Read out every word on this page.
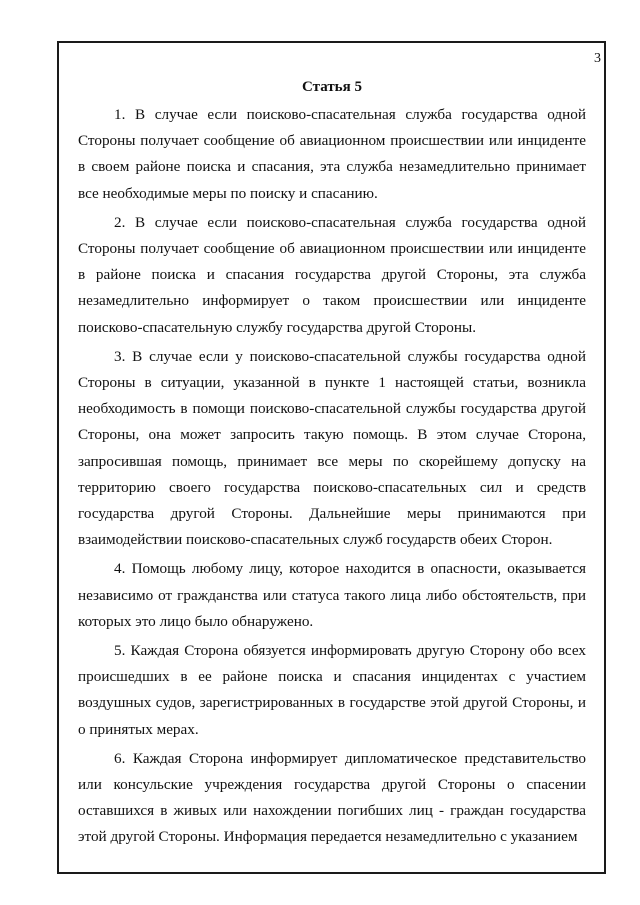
3
Статья 5

1. В случае если поисково-спасательная служба государства одной Стороны получает сообщение об авиационном происшествии или инциденте в своем районе поиска и спасания, эта служба незамедлительно принимает все необходимые меры по поиску и спасанию.

2. В случае если поисково-спасательная служба государства одной Стороны получает сообщение об авиационном происшествии или инциденте в районе поиска и спасания государства другой Стороны, эта служба незамедлительно информирует о таком происшествии или инциденте поисково-спасательную службу государства другой Стороны.

3. В случае если у поисково-спасательной службы государства одной Стороны в ситуации, указанной в пункте 1 настоящей статьи, возникла необходимость в помощи поисково-спасательной службы государства другой Стороны, она может запросить такую помощь. В этом случае Сторона, запросившая помощь, принимает все меры по скорейшему допуску на территорию своего государства поисково-спасательных сил и средств государства другой Стороны. Дальнейшие меры принимаются при взаимодействии поисково-спасательных служб государств обеих Сторон.

4. Помощь любому лицу, которое находится в опасности, оказывается независимо от гражданства или статуса такого лица либо обстоятельств, при которых это лицо было обнаружено.

5. Каждая Сторона обязуется информировать другую Сторону обо всех происшедших в ее районе поиска и спасания инцидентах с участием воздушных судов, зарегистрированных в государстве этой другой Стороны, и о принятых мерах.

6. Каждая Сторона информирует дипломатическое представительство или консульские учреждения государства другой Стороны о спасении оставшихся в живых или нахождении погибших лиц - граждан государства этой другой Стороны. Информация передается незамедлительно с указанием
